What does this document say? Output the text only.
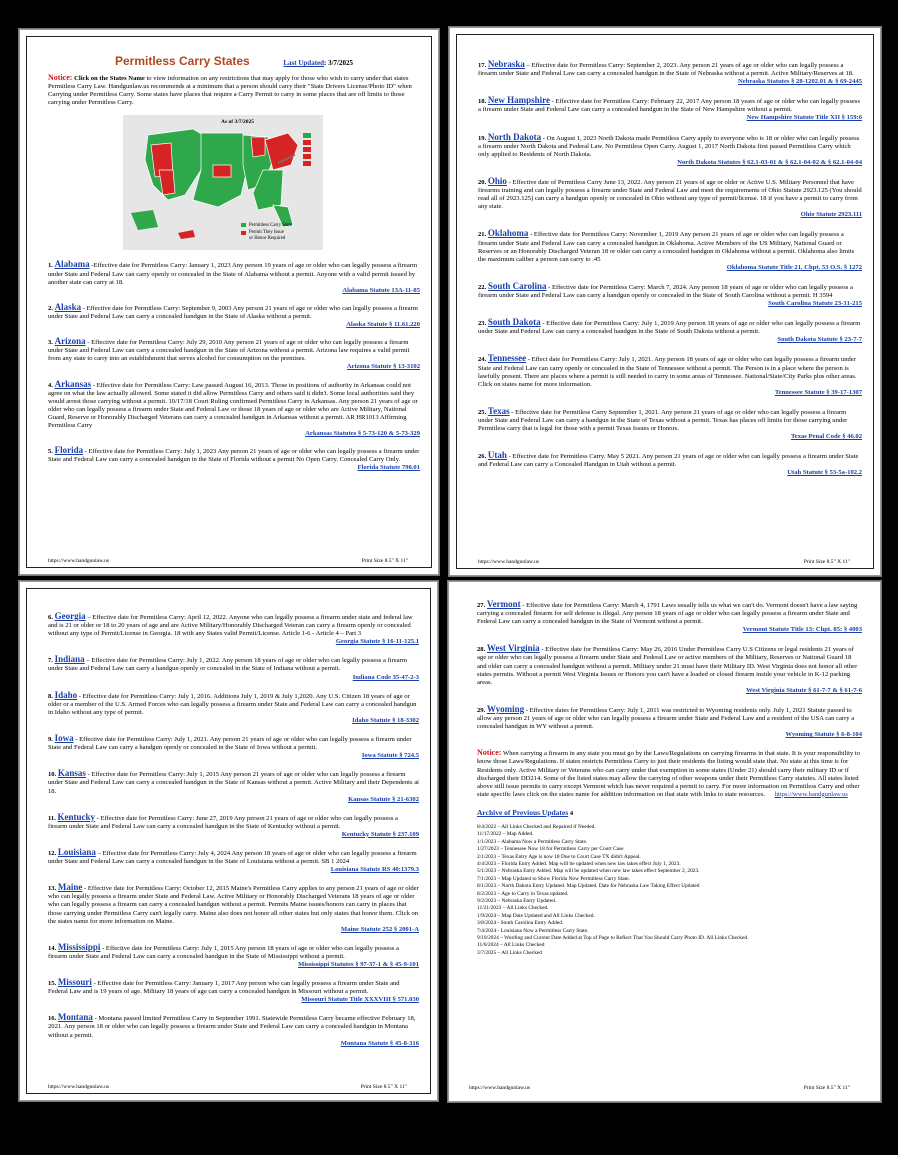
Permitless Carry States	Last Updated: 3/7/2025
Notice: Click on the States Name to view information on any restrictions that may apply for those who wish to carry under that states Permitless Carry Law. Handgunlaw.us recommends at a minimum that a person should carry their "State Drivers License/Photo ID" when Carrying under Permitless Carry. Some states have places that require a Carry Permit to carry in some places that are off limits to those carrying under Permitless Carry.
As of 3/7/2025
Permitless Carry State
Permit They Issue
or Honor Required
1. Alabama -Effective date for Permitless Carry: January 1, 2023 Any person 19 years of age or older who can legally possess a firearm under State and Federal Law can carry openly or concealed in the State of Alabama without a permit. Anyone with a valid permit issued by another state can carry at 18.
Alabama Statute 13A-11-85
2. Alaska - Effective date for Permitless Carry: September 9, 2003 Any person 21 years of age or older who can legally possess a firearm under State and Federal Law can carry a concealed handgun in the State of Alaska without a permit.
Alaska Statute § 11.61.220
3. Arizona - Effective date for Permitless Carry: July 29, 2010 Any person 21 years of age or older who can legally possess a firearm under State and Federal Law can carry a concealed handgun in the State of Arizona without a permit. Arizona law requires a valid permit from any state to carry into an establishment that serves alcohol for consumption on the premises.
Arizona Statute § 13-3102
4. Arkansas - Effective date for Permitless Carry: Law passed August 16, 2013. Those in positions of authority in Arkansas could not agree on what the law actually allowed. Some stated it did allow Permitless Carry and others said it didn't. Some local authorities said they would arrest those carrying without a permit. 10/17/18 Court Ruling confirmed Permitless Carry in Arkansas. Any person 21 years of age or older who can legally possess a firearm under State and Federal Law or those 18 years of age or older who are Active Military, National Guard, Reserve or Honorably Discharged Veterans can carry a concealed handgun in Arkansas without a permit. AR HR1013 Affirming Permitless Carry
Arkansas Statutes § 5-73-120 & 5-73-329
5. Florida - Effective date for Permitless Carry: July 1, 2023 Any person 21 years of age or older who can legally possess a firearm under State and Federal Law can carry a concealed handgun in the State of Florida without a permit No Open Carry. Concealed Carry Only.
Florida Statute 790.01
https://www.handgunlaw.us	Print Size 8.5" X 11"
17. Nebraska – Effective date for Permitless Carry: September 2, 2023. Any person 21 years of age or older who can legally possess a firearm under State and Federal Law can carry a concealed handgun in the State of Nebraska without a permit. Active Military/Reserves at 18.
Nebraska Statutes § 28-1202.01 & § 69-2445
18. New Hampshire - Effective date for Permitless Carry: February 22, 2017 Any person 18 years of age or older who can legally possess a firearm under State and Federal Law can carry a concealed handgun in the State of New Hampshire without a permit.
New Hampshire Statute Title XII § 159:6
19. North Dakota - On August 1, 2023 North Dakota made Permitless Carry apply to everyone who is 18 or older who can legally possess a firearm under North Dakota and Federal Law. No Permitless Open Carry. August 1, 2017 North Dakota first passed Permitless Carry which only applied to Residents of North Dakota.
North Dakota Statutes § 62.1-03-01 & § 62.1-04-02 & § 62.1-04-04
20. Ohio - Effective date of Permitless Carry June 13, 2022. Any person 21 years of age or older or Active U.S. Military Personnel that have firearms training and can legally possess a firearm under State and Federal Law and meet the requirements of Ohio Statute 2923.125 (You should read all of 2923.125) can carry a handgun openly or concealed in Ohio without any type of permit/license. 18 if you have a permit to carry from any state.
Ohio Statute 2923.111
21. Oklahoma - Effective date for Permitless Carry: November 1, 2019 Any person 21 years of age or older who can legally possess a firearm under State and Federal Law can carry a concealed handgun in Oklahoma. Active Members of the US Military, National Guard or Reserves or an Honorably Discharged Veteran 18 or older can carry a concealed handgun in Oklahoma without a permit. Oklahoma also limits the maximum caliber a person can carry to .45
Oklahoma Statute Title 21. Chpt. 53 O.S. § 1272
22. South Carolina - Effective date for Permitless Carry: March 7, 2024. Any person 18 years of age or older who can legally possess a firearm under State and Federal Law can carry a handgun openly or concealed in the State of South Carolina without a permit. H 3594
South Carolina Statute 23-31-215
23. South Dakota - Effective date for Permitless Carry: July 1, 2019 Any person 18 years of age or older who can legally possess a firearm under State and Federal Law can carry a concealed handgun in the State of South Dakota without a permit.
South Dakota Statute § 23-7-7
24. Tennessee - Effect date for Permitless Carry: July 1, 2021. Any person 18 years of age or older who can legally possess a firearm under State and Federal Law can carry openly or concealed in the State of Tennessee without a permit. The Person is in a place where the person is lawfully present. There are places where a permit is still needed to carry in some areas of Tennessee. National/State/City Parks plus other areas. Click on states name for more information.
Tennessee Statute § 39-17-1307
25. Texas - Effective date for Permitless Carry September 1, 2021. Any person 21 years of age or older who can legally possess a firearm under State and Federal Law can carry a handgun in the State of Texas without a permit. Texas has places off limits for those carrying under Permitless carry that is legal for those with a permit Texas Issues or Honors.
Texas Penal Code § 46.02
26. Utah - Effective date for Permitless Carry. May 5 2021. Any person 21 years of age or older who can legally possess a firearm under State and Federal Law can carry a Concealed Handgun in Utah without a permit.
Utah Statute § 53-5a-102.2
https://www.handgunlaw.us	Print Size 8.5" X 11"
6. Georgia – Effective date for Permitless Carry: April 12, 2022. Anyone who can legally possess a firearm under state and federal law and is 21 or older or 18 to 20 years of age and are Active Military/Honorably Discharged Veteran can carry a firearm openly or concealed without any type of Permit/License in Georgia. 18 with any States valid Permit/License. Article 1-6 - Article 4 – Part 3
Georgia Statute § 16-11-125.1
7. Indiana – Effective date for Permitless Carry: July 1, 2022. Any person 18 years of age or older who can legally possess a firearm under State and Federal Law can carry a handgun openly or concealed in the State of Indiana without a permit.
Indiana Code 35-47-2-3
8. Idaho - Effective date for Permitless Carry: July 1, 2016. Additions July 1, 2019 & July 1,2020. Any U.S. Citizen 18 years of age or older or a member of the U.S. Armed Forces who can legally possess a firearm under State and Federal Law can carry a concealed handgun in Idaho without any type of permit.
Idaho Statute § 18-3302
9. Iowa - Effective date for Permitless Carry: July 1, 2021. Any person 21 years of age or older who can legally possess a firearm under State and Federal Law can carry a handgun openly or concealed in the State of Iowa without a permit.
Iowa Statute § 724.5
10. Kansas - Effective date for Permitless Carry: July 1, 2015 Any person 21 years of age or older who can legally possess a firearm under State and Federal Law can carry a concealed handgun in the State of Kansas without a permit. Active Military and their Dependents at 18.
Kansas Statute § 21-6302
11. Kentucky - Effective date for Permitless Carry: June 27, 2019 Any person 21 years of age or older who can legally possess a firearm under State and Federal Law can carry a concealed handgun in the State of Kentucky without a permit.
Kentucky Statute § 237.109
12. Louisiana – Effective date for Permitless Carry: July 4, 2024 Any person 18 years of age or older who can legally possess a firearm under State and Federal Law can carry a concealed handgun in the State of Louisiana without a permit. SB 1 2024
Louisiana Statute RS 40:1379.3
13. Maine - Effective date for Permitless Carry: October 12, 2015 Maine's Permitless Carry applies to any person 21 years of age or older who can legally possess a firearm under State and Federal Law. Active Military or Honorably Discharged Veterans 18 years of age or older who can legally possess a firearm can carry a concealed handgun without a permit. Permits Maine issues/honors can carry in places that those carrying under Permitless Carry can't legally carry. Maine also does not honor all other states but only states that honor them. Click on the states name for more information on Maine.
Maine Statute 252 § 2001-A
14. Mississippi - Effective date for Permitless Carry: July 1, 2015 Any person 18 years of age or older who can legally possess a firearm under State and Federal Law can carry a concealed handgun in the State of Mississippi without a permit.
Mississippi Statutes § 97-37-1 & § 45-9-101
15. Missouri - Effective date for Permitless Carry: January 1, 2017 Any person who can legally possess a firearm under State and Federal Law and is 19 years of age. Military 18 years of age can carry a concealed handgun in Missouri without a permit.
Missouri Statute Title XXXVIII § 571.030
16. Montana - Montana passed limited Permitless Carry in September 1991. Statewide Permitless Carry became effective February 18, 2021. Any person 18 or older who can legally possess a firearm under State and Federal Law can carry a concealed handgun in Montana without a permit.
Montana Statute § 45-8-316
https://www.handgunlaw.us	Print Size 8.5" X 11"
27. Vermont - Effective date for Permitless Carry: March 4, 1791 Laws usually tells us what we can't do. Vermont doesn't have a law saying carrying a concealed firearm for self defense is illegal. Any person 18 years of age or older who can legally possess a firearm under State and Federal Law can carry a concealed handgun in the State of Vermont without a permit.
Vermont Statute Title 13: Chpt. 85: § 4003
28. West Virginia - Effective date for Permitless Carry: May 26, 2016 Under Permitless Carry U.S Citizens or legal residents 21 years of age or older who can legally possess a firearm under State and Federal Law or active members of the Military, Reserves or National Guard 18 and older can carry a concealed handgun without a permit. Military under 21 must have their Military ID. West Virginia does not honor all other states permits. Without a permit West Virginia Issues or Honors you can't have a loaded or closed firearm inside your vehicle in K-12 parking areas.
West Virginia Statute § 61-7-7 & § 61-7-6
29. Wyoming - Effective dates for Permitless Carry: July 1, 2011 was restricted to Wyoming residents only. July 1, 2021 Statute passed to allow any person 21 years of age or older who can legally possess a firearm under State and Federal Law and a resident of the USA can carry a concealed handgun in WY without a permit.
Wyoming Statute § 6-8-104
Notice: When carrying a firearm in any state you must go by the Laws/Regulations on carrying firearms in that state. It is your responsibility to know those Laws/Regulations. If states restricts Permitless Carry to just their residents the listing would state that. No state at this time is for Residents only. Active Military or Veterans who can carry under that exemption in some states (Under 21) should carry their military ID or if discharged their DD214. Some of the listed states may allow the carrying of other weapons under their Permitless Carry statutes. All states listed above still issue permits to carry except Vermont which has never required a permit to carry. For more information on Permitless Carry and other state specific laws click on the states name for addition information on that state with links to state resources. https://www.handgunlaw.us
Archive of Previous Updates 4
8/4/2022 – All Links Checked and Repaired if Needed.
11/17/2022 – Map Added.
1/1/2023 – Alabama Now a Permitless Carry State.
1/27/2023 – Tennessee Now 18 for Permitless Carry per Court Case
2/1/2023 – Texas Entry Age is now 18 Due to Court Case TX didn't Appeal.
4/4/2023 – Florida Entry Added. Map will be updated when new law takes effect July 1, 2023.
5/1/2023 – Nebraska Entry Added. Map will be updated when new law takes effect September 2, 2023.
7/1/2023 – Map Updated to Show Florida Now Permitless Carry State.
8/1/2023 – North Dakota Entry Updated. Map Updated. Date for Nebraska Law Taking Effect Updated
8/2/2023 – Age to Carry in Texas updated.
9/2/2023 – Nebraska Entry Updated.
11/21/2023 – All Links Checked.
1/9/2024 – Map Date Updated and All Links Checked.
3/8/2024 - South Carolina Entry Added.
7/4/2024 - Louisiana Now a Permitless Carry State.
9/10/2024 – Wording and Current Date Added at Top of Page to Reflect That You Should Carry Photo ID. All Links Checked.
11/6/2024 – All Links Checked
3/7/2025 – All Links Checked
https://www.handgunlaw.us	Print Size 8.5" X 11"
